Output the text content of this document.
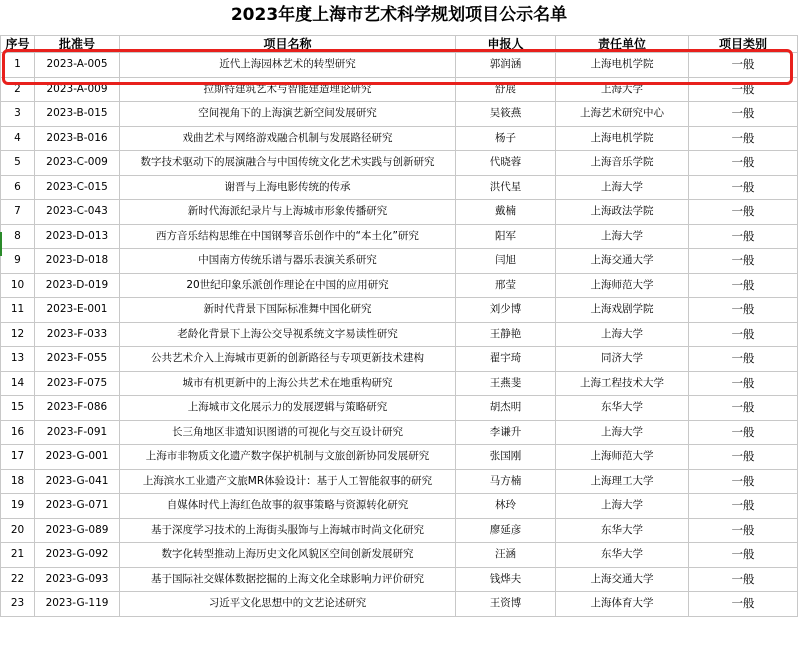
2023年度上海市艺术科学规划项目公示名单
序号	批准号	项目名称	申报人	责任单位	项目类别
1	2023-A-005	近代上海园林艺术的转型研究	郭润涵	上海电机学院	一般
2	2023-A-009	拉斯特建筑艺术与智能建造理论研究	舒展	上海大学	一般
3	2023-B-015	空间视角下的上海演艺新空间发展研究	吴筱燕	上海艺术研究中心	一般
4	2023-B-016	戏曲艺术与网络游戏融合机制与发展路径研究	杨子	上海电机学院	一般
5	2023-C-009	数字技术驱动下的展演融合与中国传统文化艺术实践与创新研究	代晓蓉	上海音乐学院	一般
6	2023-C-015	谢晋与上海电影传统的传承	洪代星	上海大学	一般
7	2023-C-043	新时代海派纪录片与上海城市形象传播研究	戴楠	上海政法学院	一般
8	2023-D-013	西方音乐结构思维在中国钢琴音乐创作中的“本土化”研究	阳军	上海大学	一般
9	2023-D-018	中国南方传统乐谱与器乐表演关系研究	闫旭	上海交通大学	一般
10	2023-D-019	20世纪印象乐派创作理论在中国的应用研究	邢莹	上海师范大学	一般
11	2023-E-001	新时代背景下国际标准舞中国化研究	刘少博	上海戏剧学院	一般
12	2023-F-033	老龄化背景下上海公交导视系统文字易读性研究	王静艳	上海大学	一般
13	2023-F-055	公共艺术介入上海城市更新的创新路径与专项更新技术建构	翟宇琦	同济大学	一般
14	2023-F-075	城市有机更新中的上海公共艺术在地重构研究	王燕斐	上海工程技术大学	一般
15	2023-F-086	上海城市文化展示力的发展逻辑与策略研究	胡杰明	东华大学	一般
16	2023-F-091	长三角地区非遗知识图谱的可视化与交互设计研究	李谦升	上海大学	一般
17	2023-G-001	上海市非物质文化遗产数字保护机制与文旅创新协同发展研究	张国刚	上海师范大学	一般
18	2023-G-041	上海滨水工业遗产文旅MR体验设计：基于人工智能叙事的研究	马方楠	上海理工大学	一般
19	2023-G-071	自媒体时代上海红色故事的叙事策略与资源转化研究	林玲	上海大学	一般
20	2023-G-089	基于深度学习技术的上海街头服饰与上海城市时尚文化研究	廖延彦	东华大学	一般
21	2023-G-092	数字化转型推动上海历史文化风貌区空间创新发展研究	汪涵	东华大学	一般
22	2023-G-093	基于国际社交媒体数据挖掘的上海文化全球影响力评价研究	钱烨夫	上海交通大学	一般
23	2023-G-119	习近平文化思想中的文艺论述研究	王资博	上海体育大学	一般
